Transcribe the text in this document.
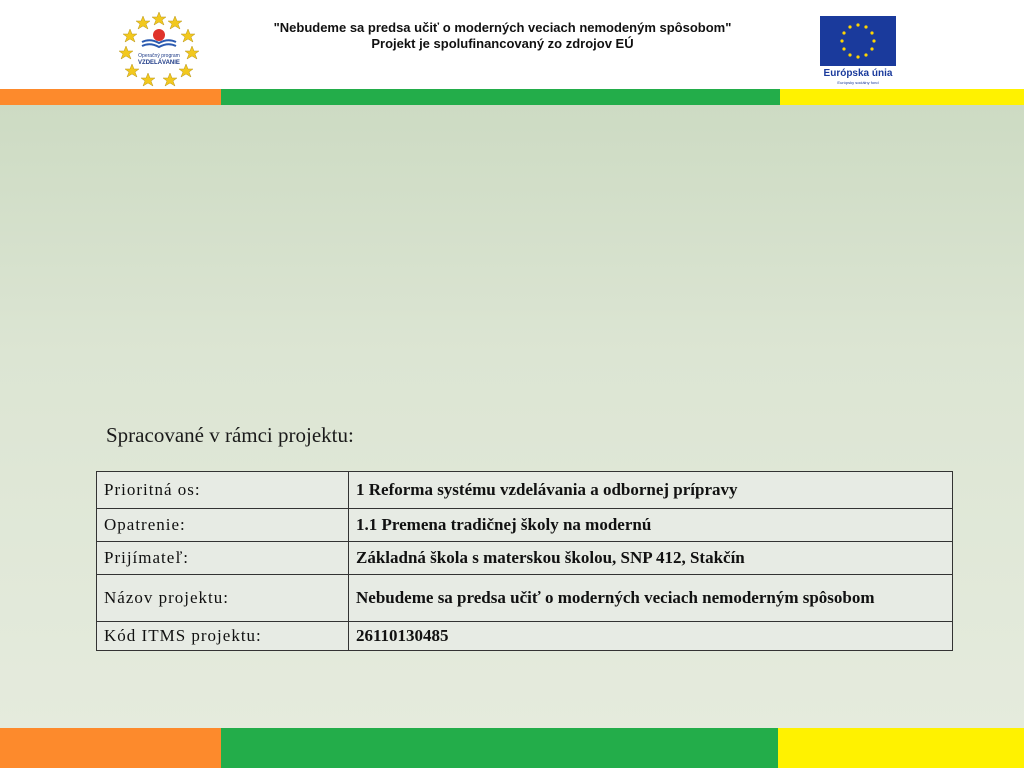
Operačný program
VZDELÁVANIE
"Nebudeme sa predsa učiť o moderných veciach nemodeným spôsobom"
Projekt je spolufinancovaný zo zdrojov EÚ
Európska únia
Európsky sociálny fond
Spracované v rámci projektu:
Prioritná os:	1 Reforma systému vzdelávania a odbornej prípravy
Opatrenie:	1.1 Premena tradičnej školy na modernú
Prijímateľ:	Základná škola s materskou školou, SNP 412, Stakčín
Názov projektu:	Nebudeme sa predsa učiť o moderných veciach nemoderným spôsobom
Kód ITMS projektu:	26110130485
